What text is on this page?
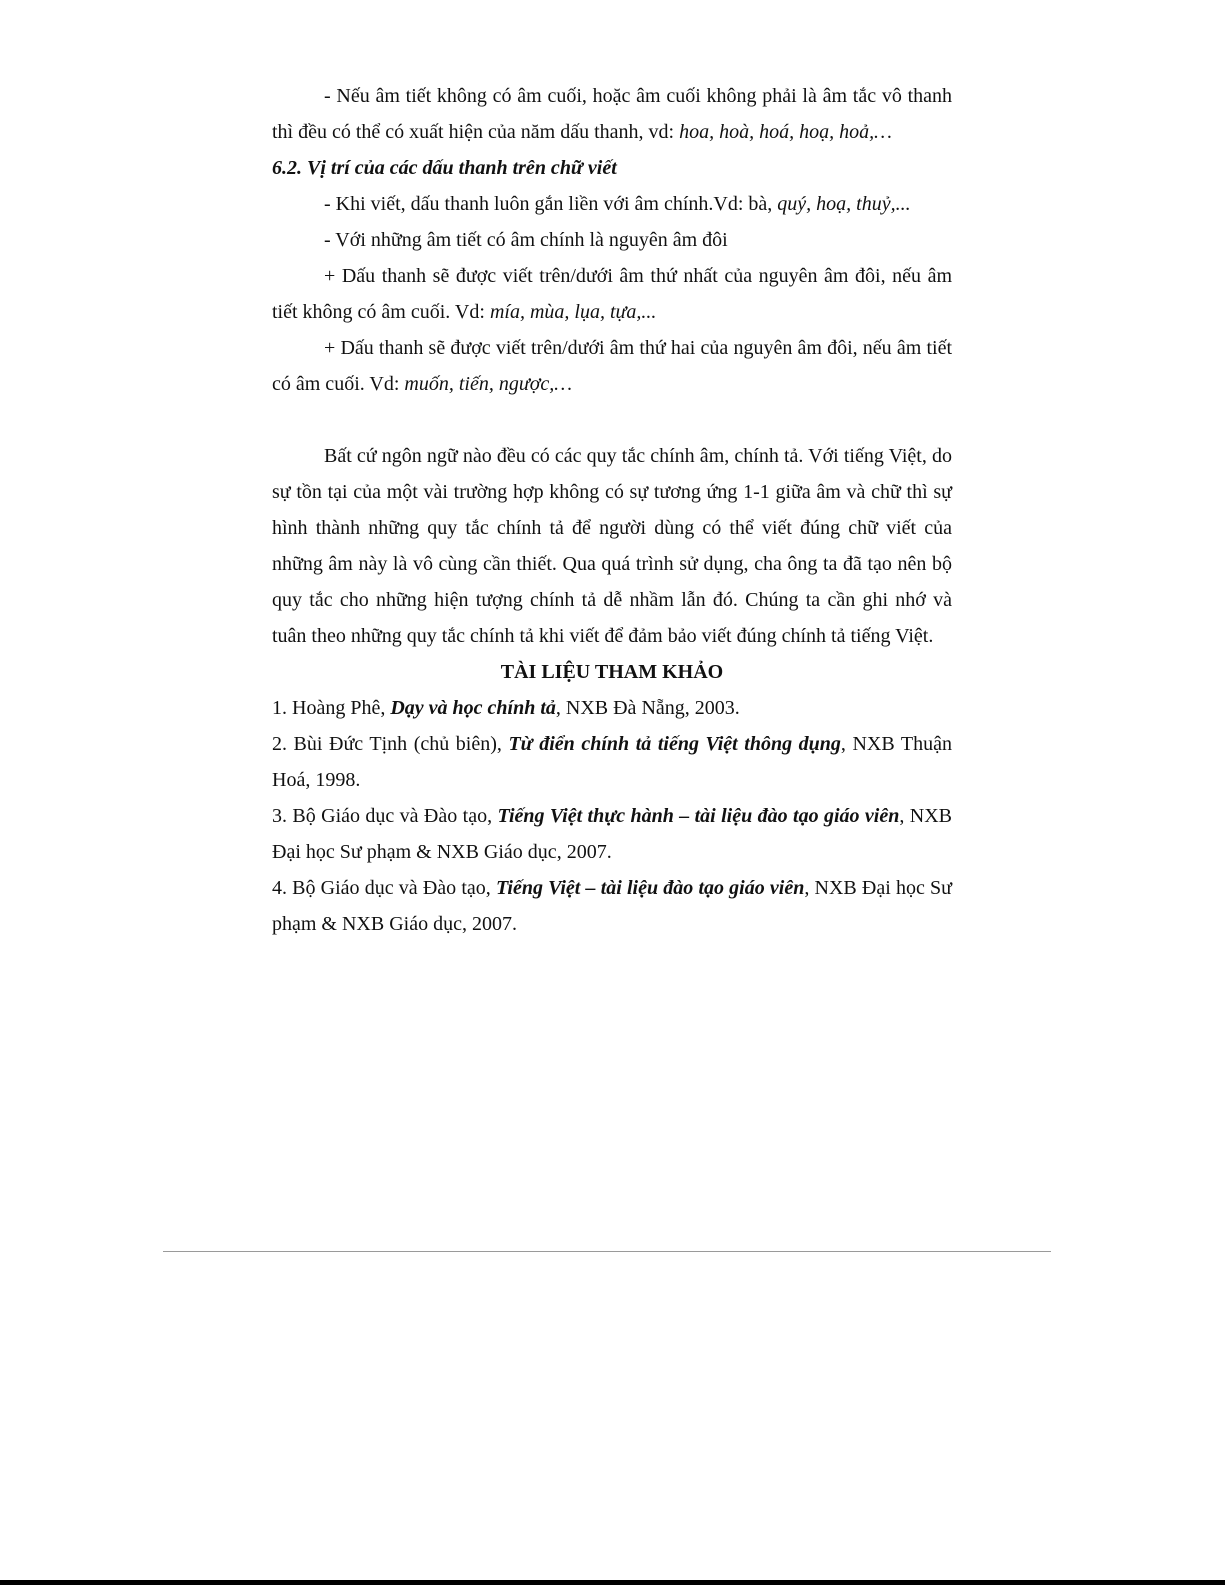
- Nếu âm tiết không có âm cuối, hoặc âm cuối không phải là âm tắc vô thanh thì đều có thể có xuất hiện của năm dấu thanh, vd: hoa, hoà, hoá, hoạ, hoả,…

6.2. Vị trí của các dấu thanh trên chữ viết

- Khi viết, dấu thanh luôn gắn liền với âm chính.Vd: bà, quý, hoạ, thuỷ,...

- Với những âm tiết có âm chính là nguyên âm đôi

+ Dấu thanh sẽ được viết trên/dưới âm thứ nhất của nguyên âm đôi, nếu âm tiết không có âm cuối. Vd: mía, mùa, lụa, tựa,...

+ Dấu thanh sẽ được viết trên/dưới âm thứ hai của nguyên âm đôi, nếu âm tiết có âm cuối. Vd: muốn, tiến, ngược,…

Bất cứ ngôn ngữ nào đều có các quy tắc chính âm, chính tả. Với tiếng Việt, do sự tồn tại của một vài trường hợp không có sự tương ứng 1-1 giữa âm và chữ thì sự hình thành những quy tắc chính tả để người dùng có thể viết đúng chữ viết của những âm này là vô cùng cần thiết. Qua quá trình sử dụng, cha ông ta đã tạo nên bộ quy tắc cho những hiện tượng chính tả dễ nhầm lẫn đó. Chúng ta cần ghi nhớ và tuân theo những quy tắc chính tả khi viết để đảm bảo viết đúng chính tả tiếng Việt.

TÀI LIỆU THAM KHẢO

1. Hoàng Phê, Dạy và học chính tả, NXB Đà Nẵng, 2003.

2. Bùi Đức Tịnh (chủ biên), Từ điển chính tả tiếng Việt thông dụng, NXB Thuận Hoá, 1998.

3. Bộ Giáo dục và Đào tạo, Tiếng Việt thực hành – tài liệu đào tạo giáo viên, NXB Đại học Sư phạm & NXB Giáo dục, 2007.

4. Bộ Giáo dục và Đào tạo, Tiếng Việt – tài liệu đào tạo giáo viên, NXB Đại học Sư phạm & NXB Giáo dục, 2007.
